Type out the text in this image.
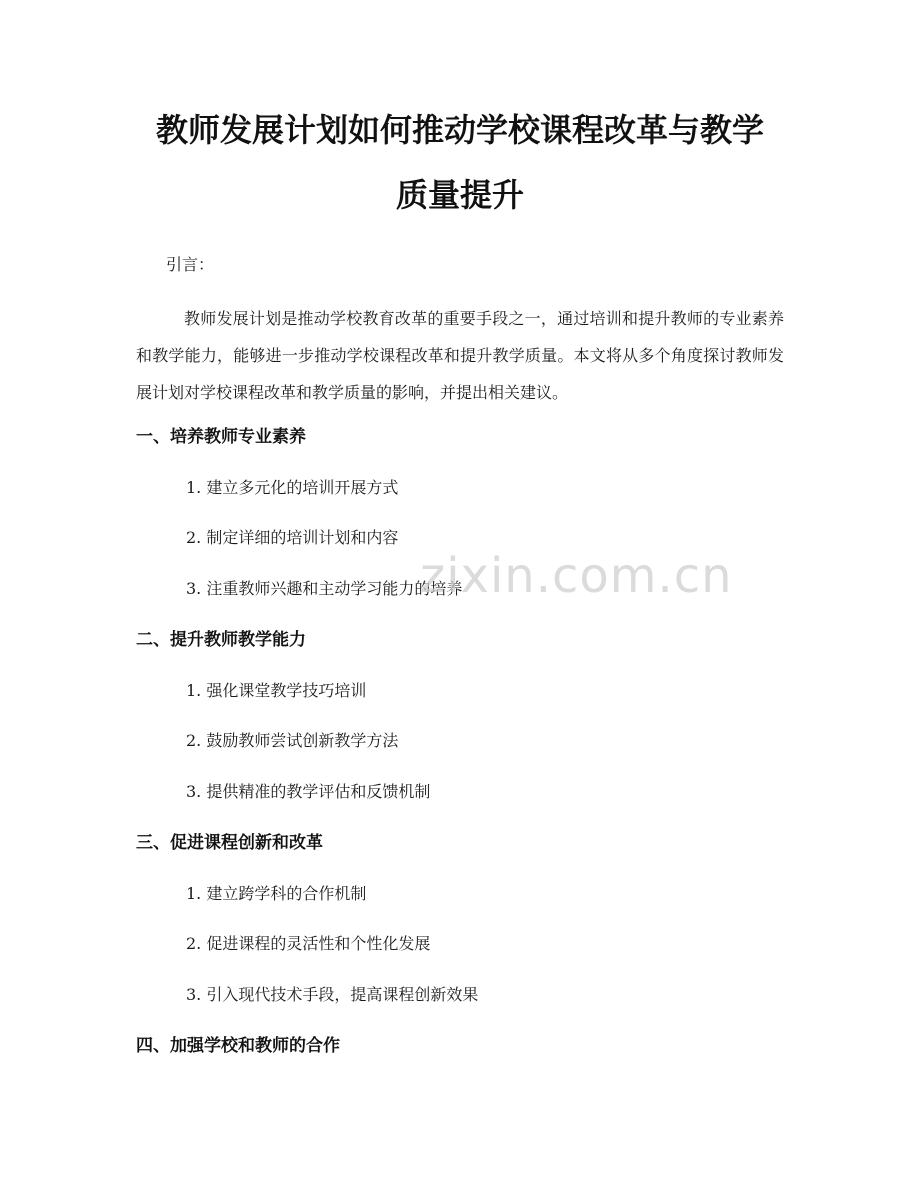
教师发展计划如何推动学校课程改革与教学
质量提升
引言：

教师发展计划是推动学校教育改革的重要手段之一，通过培训和提升教师的专业素养和教学能力，能够进一步推动学校课程改革和提升教学质量。本文将从多个角度探讨教师发展计划对学校课程改革和教学质量的影响，并提出相关建议。

一、培养教师专业素养
1. 建立多元化的培训开展方式
2. 制定详细的培训计划和内容
3. 注重教师兴趣和主动学习能力的培养
二、提升教师教学能力
1. 强化课堂教学技巧培训
2. 鼓励教师尝试创新教学方法
3. 提供精准的教学评估和反馈机制
三、促进课程创新和改革
1. 建立跨学科的合作机制
2. 促进课程的灵活性和个性化发展
3. 引入现代技术手段，提高课程创新效果
四、加强学校和教师的合作
zixin.com.cn
